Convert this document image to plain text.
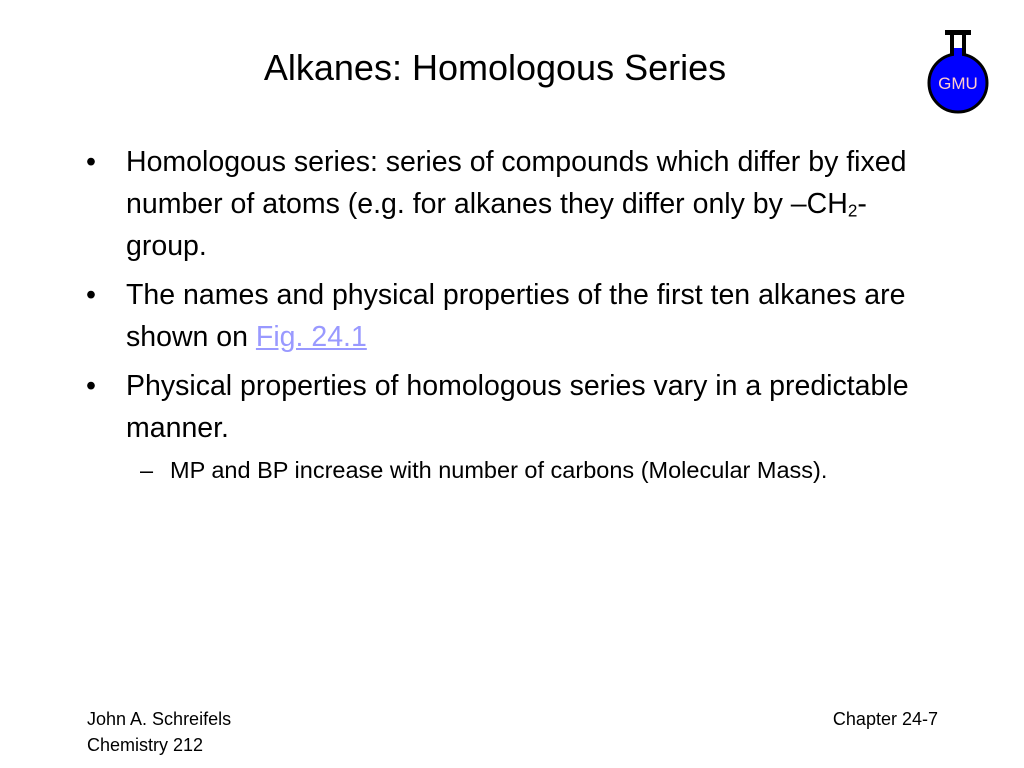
Alkanes: Homologous Series	GMU
• Homologous series: series of compounds which differ by fixed number of atoms (e.g. for alkanes they differ only by $-CH_2-$ group.
• The names and physical properties of the first ten alkanes are shown on Fig. 24.1
• Physical properties of homologous series vary in a predictable manner.
– MP and BP increase with number of carbons (Molecular Mass).
John A. Schreifels
Chemistry 212
Chapter 24-7
